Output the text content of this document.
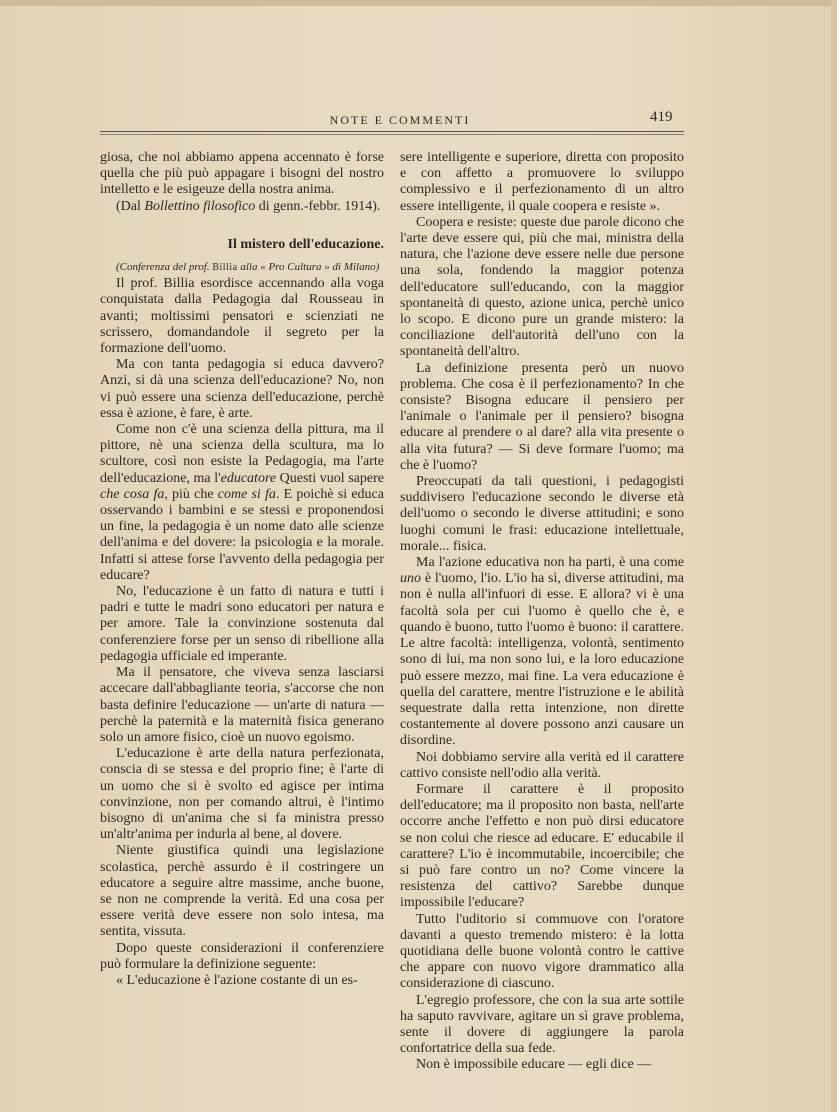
NOTE E COMMENTI	419

giosa, che noi abbiamo appena accennato è forse quella che più può appagare i bisogni del nostro intelletto e le esigeuze della nostra anima.

(Dal Bollettino filosofico di genn.-febbr. 1914).

Il mistero dell'educazione.

(Conferenza del prof. Billia alla « Pro Cultura » di Milano)

Il prof. Billia esordisce accennando alla voga conquistata dalla Pedagogia dal Rousseau in avanti; moltissimi pensatori e scienziati ne scrissero, domandandole il segreto per la formazione dell'uomo.

Ma con tanta pedagogia si educa davvero? Anzi, si dà una scienza dell'educazione? No, non vi può essere una scienza dell'educazione, perchè essa è azione, è fare, è arte.

Come non c'è una scienza della pittura, ma il pittore, nè una scienza della scultura, ma lo scultore, così non esiste la Pedagogia, ma l'arte dell'educazione, ma l'educatore Questi vuol sapere che cosa fa, più che come si fa. E poichè si educa osservando i bambini e se stessi e proponendosi un fine, la pedagogia è un nome dato alle scienze dell'anima e del dovere: la psicologia e la morale. Infatti si attese forse l'avvento della pedagogia per educare?

No, l'educazione è un fatto di natura e tutti i padri e tutte le madri sono educatori per natura e per amore. Tale la convinzione sostenuta dal conferenziere forse per un senso di ribellione alla pedagogia ufficiale ed imperante.

Ma il pensatore, che viveva senza lasciarsi accecare dall'abbagliante teoria, s'accorse che non basta definire l'educazione — un'arte di natura — perchè la paternità e la maternità fisica generano solo un amore fisico, cioè un nuovo egoismo.

L'educazione è arte della natura perfezionata, conscia di se stessa e del proprio fine; è l'arte di un uomo che si è svolto ed agisce per intima convinzione, non per comando altrui, è l'intimo bisogno di un'anima che si fa ministra presso un'altr'anima per indurla al bene, al dovere.

Niente giustifica quindi una legislazione scolastica, perchè assurdo è il costringere un educatore a seguire altre massime, anche buone, se non ne comprende la verità. Ed una cosa per essere verità deve essere non solo intesa, ma sentita, vissuta.

Dopo queste considerazioni il conferenziere può formulare la definizione seguente:

« L'educazione è l'azione costante di un es-

sere intelligente e superiore, diretta con proposito e con affetto a promuovere lo sviluppo complessivo e il perfezionamento di un altro essere intelligente, il quale coopera e resiste ».

Coopera e resiste: queste due parole dicono che l'arte deve essere qui, più che mai, ministra della natura, che l'azione deve essere nelle due persone una sola, fondendo la maggior potenza dell'educatore sull'educando, con la maggior spontaneità di questo, azione unica, perchè unico lo scopo. E dicono pure un grande mistero: la conciliazione dell'autorità dell'uno con la spontaneità dell'altro.

La definizione presenta però un nuovo problema. Che cosa è il perfezionamento? In che consiste? Bisogna educare il pensiero per l'animale o l'animale per il pensiero? bisogna educare al prendere o al dare? alla vita presente o alla vita futura? — Si deve formare l'uomo; ma che è l'uomo?

Preoccupati da tali questioni, i pedagogisti suddivisero l'educazione secondo le diverse età dell'uomo o secondo le diverse attitudini; e sono luoghi comuni le frasi: educazione intellettuale, morale... fisica.

Ma l'azione educativa non ha parti, è una come uno è l'uomo, l'io. L'io ha sì, diverse attitudini, ma non è nulla all'infuori di esse. E allora? vi è una facoltà sola per cui l'uomo è quello che è, e quando è buono, tutto l'uomo è buono: il carattere. Le altre facoltà: intelligenza, volontà, sentimento sono di lui, ma non sono lui, e la loro educazione può essere mezzo, mai fine. La vera educazione è quella del carattere, mentre l'istruzione e le abilità sequestrate dalla retta intenzione, non dirette costantemente al dovere possono anzi causare un disordine.

Noi dobbiamo servire alla verità ed il carattere cattivo consiste nell'odio alla verità.

Formare il carattere è il proposito dell'educatore; ma il proposito non basta, nell'arte occorre anche l'effetto e non può dirsi educatore se non colui che riesce ad educare. E' educabile il carattere? L'io è incommutabile, incoercibile; che si può fare contro un no? Come vincere la resistenza del cattivo? Sarebbe dunque impossibile l'educare?

Tutto l'uditorio si commuove con l'oratore davanti a questo tremendo mistero: è la lotta quotidiana delle buone volontà contro le cattive che appare con nuovo vigore drammatico alla considerazione di ciascuno.

L'egregio professore, che con la sua arte sottile ha saputo ravvivare, agitare un sì grave problema, sente il dovere di aggiungere la parola confortatrice della sua fede.

Non è impossibile educare — egli dice —
